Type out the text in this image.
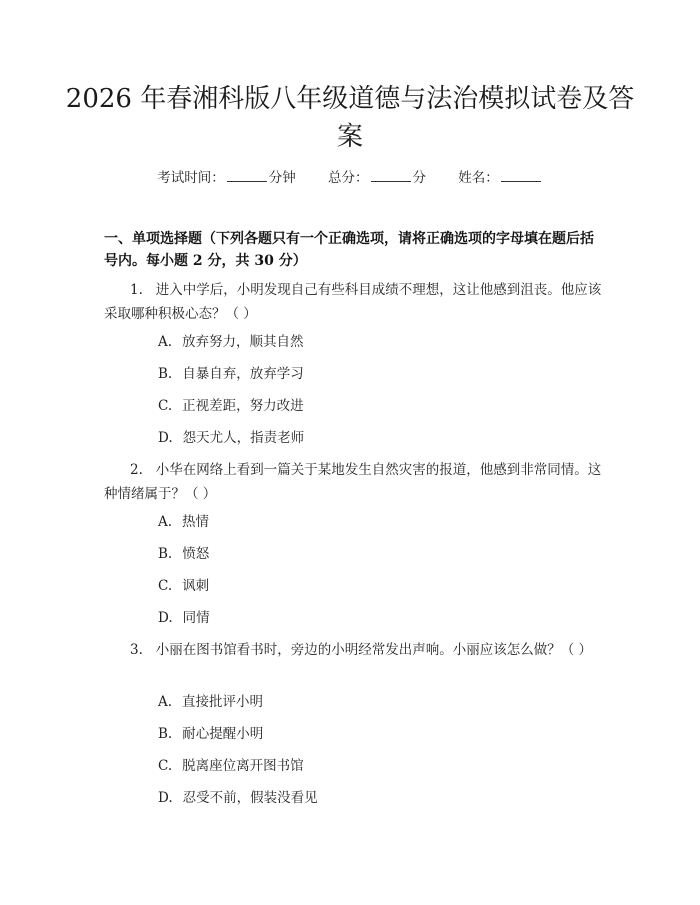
2026 年春湘科版八年级道德与法治模拟试卷及答案
考试时间：	分钟 总分：	分 姓名：
一、单项选择题（下列各题只有一个正确选项，请将正确选项的字母填在题后括号内。每小题 2 分，共 30 分）
1. 进入中学后，小明发现自己有些科目成绩不理想，这让他感到沮丧。他应该采取哪种积极心态？（ ）
A. 放弃努力，顺其自然
B. 自暴自弃，放弃学习
C. 正视差距，努力改进
D. 怨天尤人，指责老师
2. 小华在网络上看到一篇关于某地发生自然灾害的报道，他感到非常同情。这种情绪属于？（ ）
A. 热情
B. 愤怒
C. 讽刺
D. 同情
3. 小丽在图书馆看书时，旁边的小明经常发出声响。小丽应该怎么做？（ ）
A. 直接批评小明
B. 耐心提醒小明
C. 脱离座位离开图书馆
D. 忍受不前，假装没看见
